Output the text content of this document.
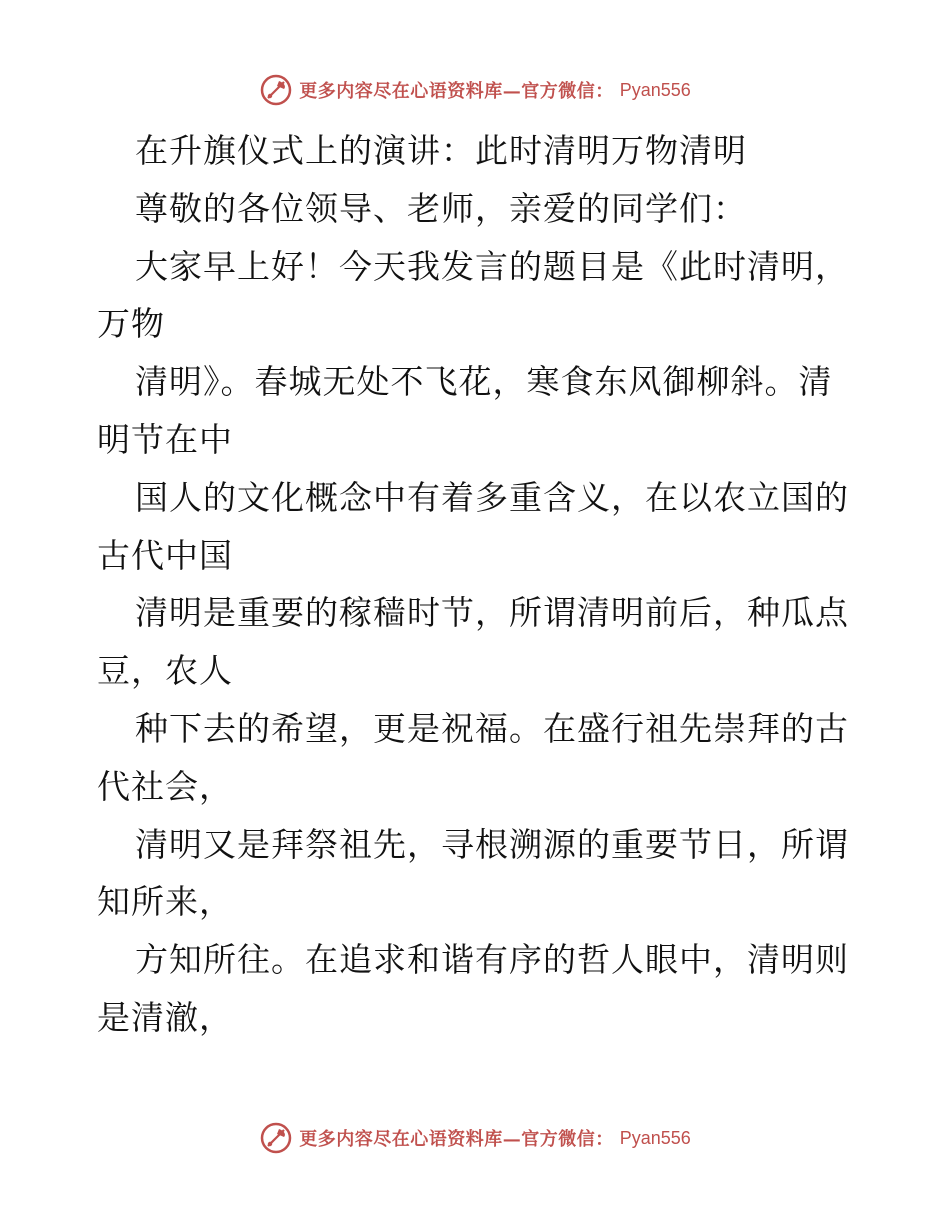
更多内容尽在心语资料库—官方微信： Pyan556
在升旗仪式上的演讲：此时清明万物清明
尊敬的各位领导、老师，亲爱的同学们：
大家早上好！今天我发言的题目是《此时清明，
万物
清明》。春城无处不飞花，寒食东风御柳斜。清
明节在中
国人的文化概念中有着多重含义，在以农立国的
古代中国
清明是重要的稼穑时节，所谓清明前后，种瓜点
豆，农人
种下去的希望，更是祝福。在盛行祖先崇拜的古
代社会，
清明又是拜祭祖先，寻根溯源的重要节日，所谓
知所来，
方知所往。在追求和谐有序的哲人眼中，清明则
是清澈，
更多内容尽在心语资料库—官方微信： Pyan556
